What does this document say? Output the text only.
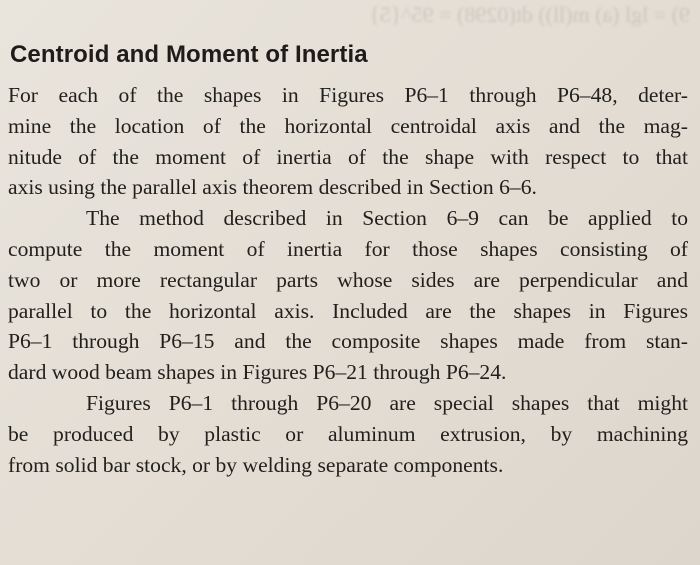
9) = lgl (a) m(ll)) dt(0298) = 95^{5}
Centroid and Moment of Inertia
For each of the shapes in Figures P6–1 through P6–48, deter-
mine the location of the horizontal centroidal axis and the mag-
nitude of the moment of inertia of the shape with respect to that
axis using the parallel axis theorem described in Section 6–6.
The method described in Section 6–9 can be applied to
compute the moment of inertia for those shapes consisting of
two or more rectangular parts whose sides are perpendicular and
parallel to the horizontal axis. Included are the shapes in Figures
P6–1 through P6–15 and the composite shapes made from stan-
dard wood beam shapes in Figures P6–21 through P6–24.
Figures P6–1 through P6–20 are special shapes that might
be produced by plastic or aluminum extrusion, by machining
from solid bar stock, or by welding separate components.
